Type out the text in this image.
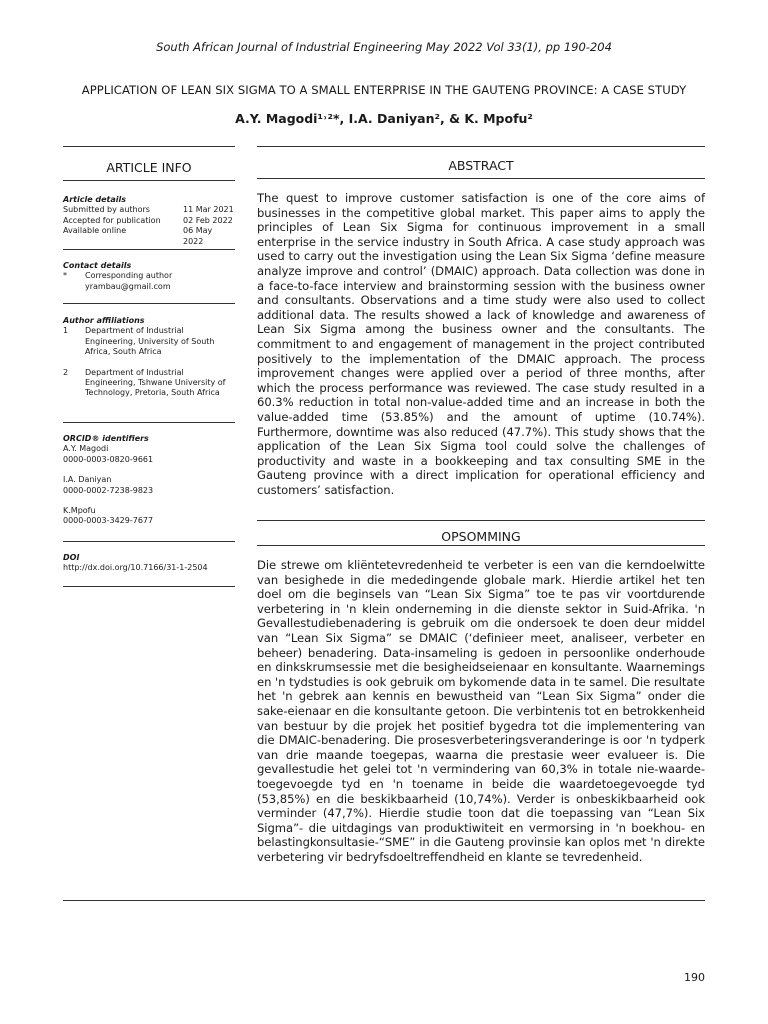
South African Journal of Industrial Engineering May 2022 Vol 33(1), pp 190-204
APPLICATION OF LEAN SIX SIGMA TO A SMALL ENTERPRISE IN THE GAUTENG PROVINCE: A CASE STUDY
A.Y. Magodi¹˒²*, I.A. Daniyan², & K. Mpofu²
ARTICLE INFO	ABSTRACT
Article details
Submitted by authors	11 Mar 2021
Accepted for publication	02 Feb 2022
Available online	06 May 2022
Contact details
*	Corresponding author
yrambau@gmail.com
Author affiliations
1	Department of Industrial Engineering, University of South Africa, South Africa
2	Department of Industrial Engineering, Tshwane University of Technology, Pretoria, South Africa
ORCID® identifiers
A.Y. Magodi
0000-0003-0820-9661
I.A. Daniyan
0000-0002-7238-9823
K.Mpofu
0000-0003-3429-7677
DOI
http://dx.doi.org/10.7166/31-1-2504

The quest to improve customer satisfaction is one of the core aims of businesses in the competitive global market. This paper aims to apply the principles of Lean Six Sigma for continuous improvement in a small enterprise in the service industry in South Africa. A case study approach was used to carry out the investigation using the Lean Six Sigma ‘define measure analyze improve and control’ (DMAIC) approach. Data collection was done in a face-to-face interview and brainstorming session with the business owner and consultants. Observations and a time study were also used to collect additional data. The results showed a lack of knowledge and awareness of Lean Six Sigma among the business owner and the consultants. The commitment to and engagement of management in the project contributed positively to the implementation of the DMAIC approach. The process improvement changes were applied over a period of three months, after which the process performance was reviewed. The case study resulted in a 60.3% reduction in total non-value-added time and an increase in both the value-added time (53.85%) and the amount of uptime (10.74%). Furthermore, downtime was also reduced (47.7%). This study shows that the application of the Lean Six Sigma tool could solve the challenges of productivity and waste in a bookkeeping and tax consulting SME in the Gauteng province with a direct implication for operational efficiency and customers’ satisfaction.

OPSOMMING

Die strewe om kliëntetevredenheid te verbeter is een van die kerndoelwitte van besighede in die mededingende globale mark. Hierdie artikel het ten doel om die beginsels van “Lean Six Sigma” toe te pas vir voortdurende verbetering in 'n klein onderneming in die dienste sektor in Suid-Afrika. 'n Gevallestudiebenadering is gebruik om die ondersoek te doen deur middel van “Lean Six Sigma” se DMAIC (‘definieer meet, analiseer, verbeter en beheer) benadering. Data-insameling is gedoen in persoonlike onderhoude en dinkskrumsessie met die besigheidseienaar en konsultante. Waarnemings en 'n tydstudies is ook gebruik om bykomende data in te samel. Die resultate het 'n gebrek aan kennis en bewustheid van “Lean Six Sigma” onder die sake-eienaar en die konsultante getoon. Die verbintenis tot en betrokkenheid van bestuur by die projek het positief bygedra tot die implementering van die DMAIC-benadering. Die prosesverbeteringsveranderinge is oor 'n tydperk van drie maande toegepas, waarna die prestasie weer evalueer is. Die gevallestudie het gelei tot 'n vermindering van 60,3% in totale nie-waarde-toegevoegde tyd en 'n toename in beide die waardetoegevoegde tyd (53,85%) en die beskikbaarheid (10,74%). Verder is onbeskikbaarheid ook verminder (47,7%). Hierdie studie toon dat die toepassing van “Lean Six Sigma”- die uitdagings van produktiwiteit en vermorsing in 'n boekhou- en belastingkonsultasie-“SME” in die Gauteng provinsie kan oplos met 'n direkte verbetering vir bedryfsdoeltreffendheid en klante se tevredenheid.

190
